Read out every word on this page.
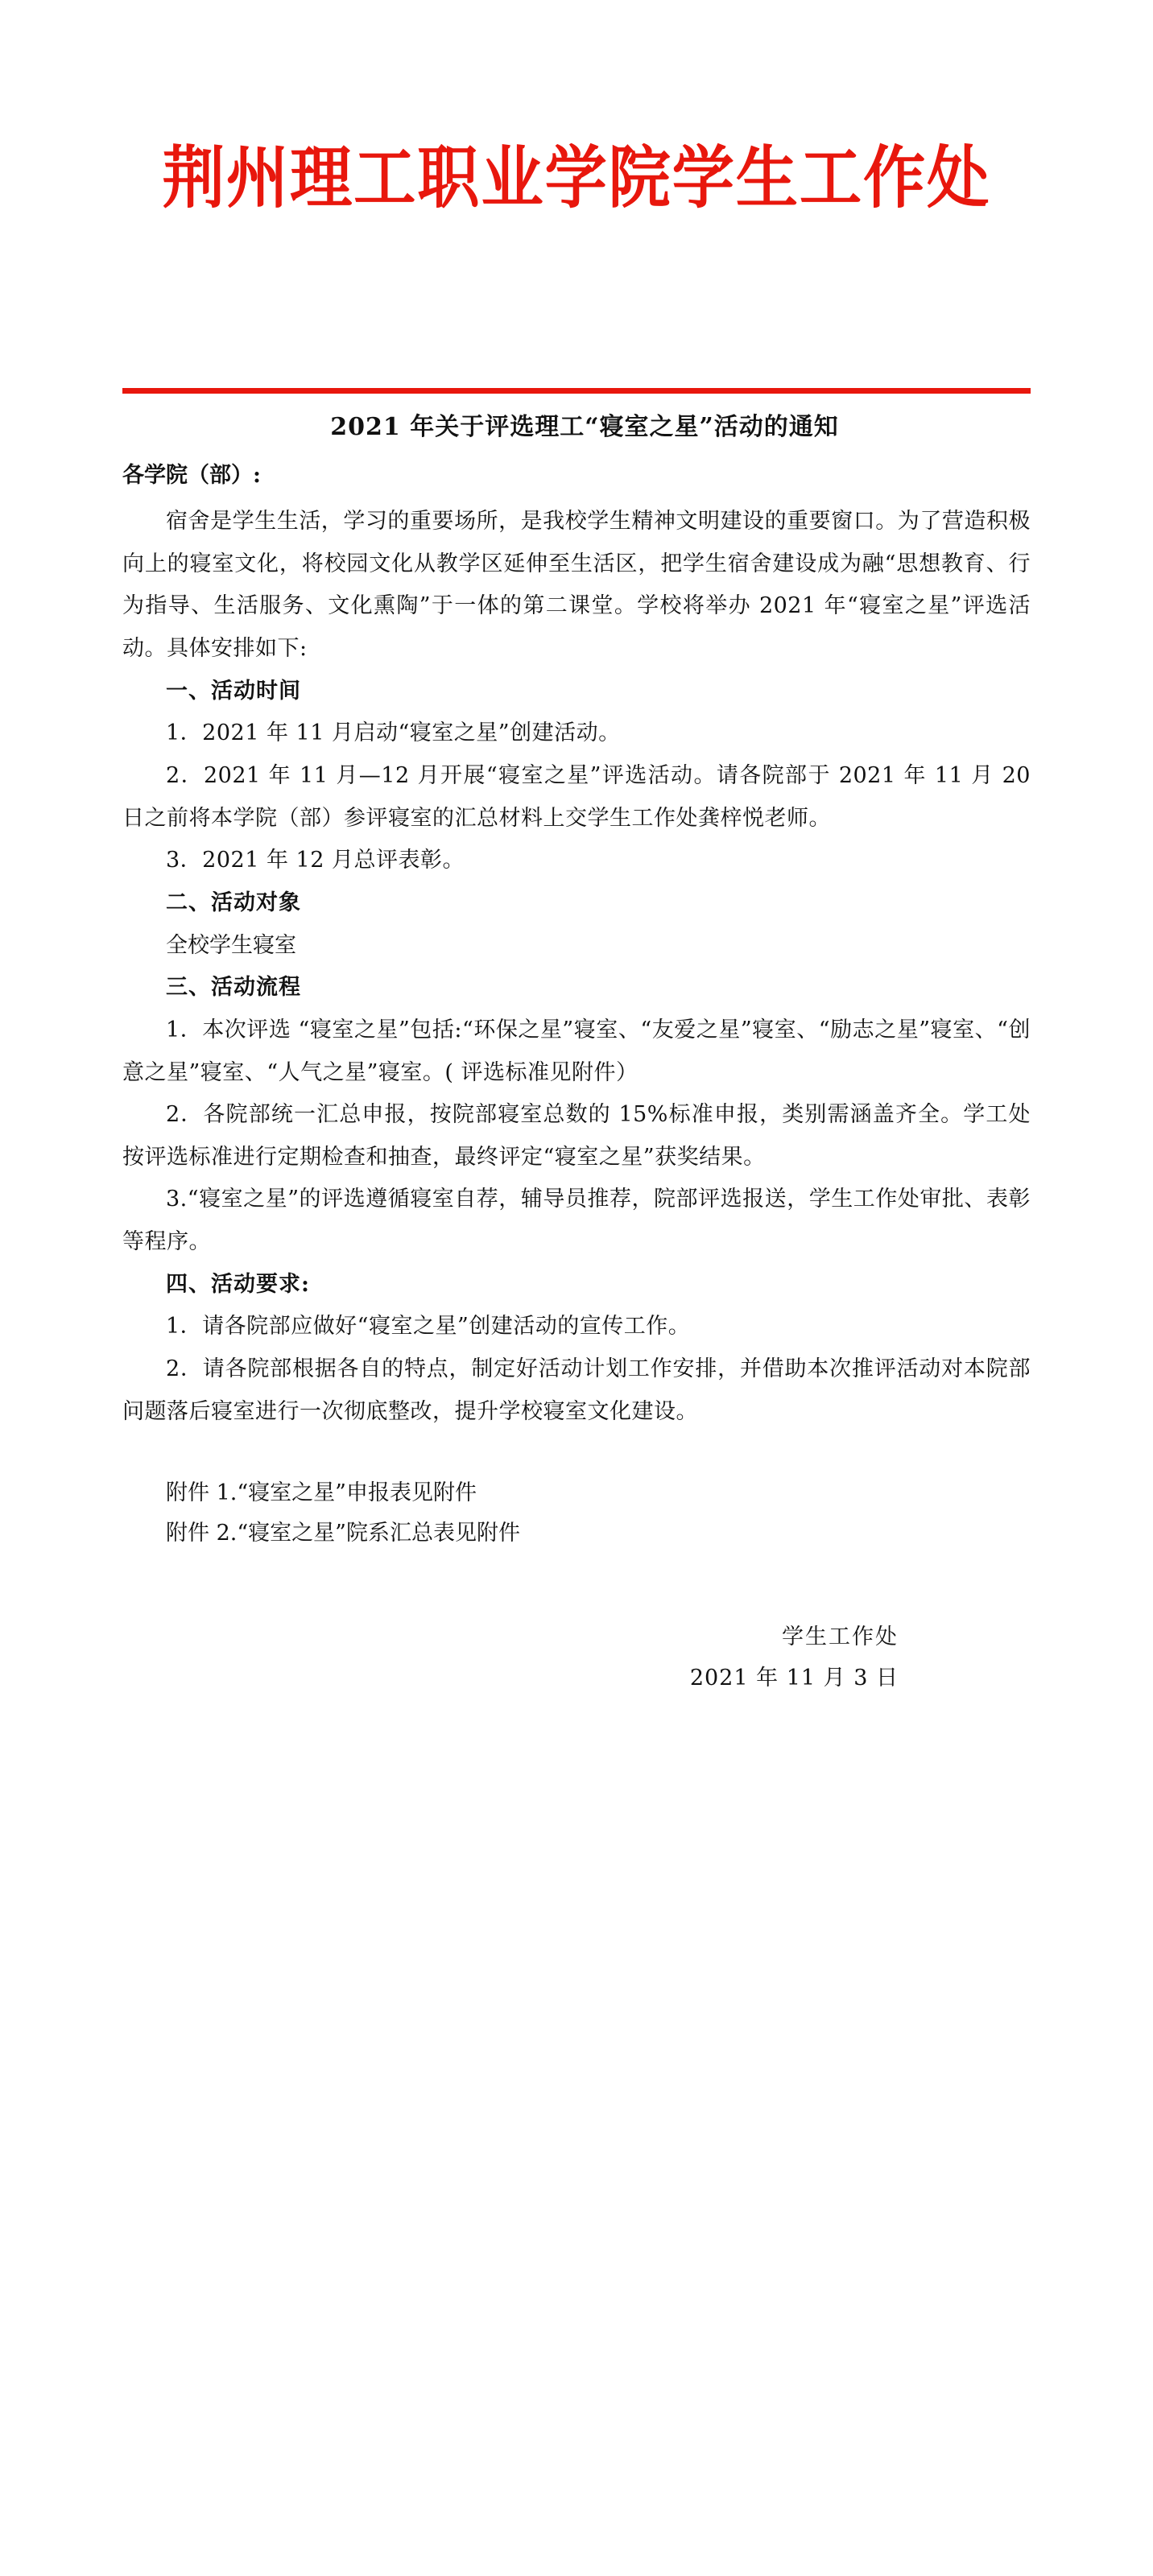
荆州理工职业学院学生工作处
2021 年关于评选理工“寝室之星”活动的通知
各学院（部）:

宿舍是学生生活，学习的重要场所，是我校学生精神文明建设的重要窗口。为了营造积极向上的寝室文化，将校园文化从教学区延伸至生活区，把学生宿舍建设成为融“思想教育、行为指导、生活服务、文化熏陶”于一体的第二课堂。学校将举办 2021 年“寝室之星”评选活动。具体安排如下:

一、活动时间

1．2021 年 11 月启动“寝室之星”创建活动。

2．2021 年 11 月—12 月开展“寝室之星”评选活动。请各院部于 2021 年 11 月 20 日之前将本学院（部）参评寝室的汇总材料上交学生工作处龚梓悦老师。

3．2021 年 12 月总评表彰。

二、活动对象

全校学生寝室

三、活动流程

1．本次评选 “寝室之星”包括:“环保之星”寝室、“友爱之星”寝室、“励志之星”寝室、“创意之星”寝室、“人气之星”寝室。( 评选标准见附件）

2．各院部统一汇总申报，按院部寝室总数的 15%标准申报，类别需涵盖齐全。学工处按评选标准进行定期检查和抽查，最终评定“寝室之星”获奖结果。

3.“寝室之星”的评选遵循寝室自荐，辅导员推荐，院部评选报送，学生工作处审批、表彰等程序。

四、活动要求:

1．请各院部应做好“寝室之星”创建活动的宣传工作。

2．请各院部根据各自的特点，制定好活动计划工作安排，并借助本次推评活动对本院部问题落后寝室进行一次彻底整改，提升学校寝室文化建设。

附件 1.“寝室之星”申报表见附件

附件 2.“寝室之星”院系汇总表见附件

学生工作处
2021 年 11 月 3 日
